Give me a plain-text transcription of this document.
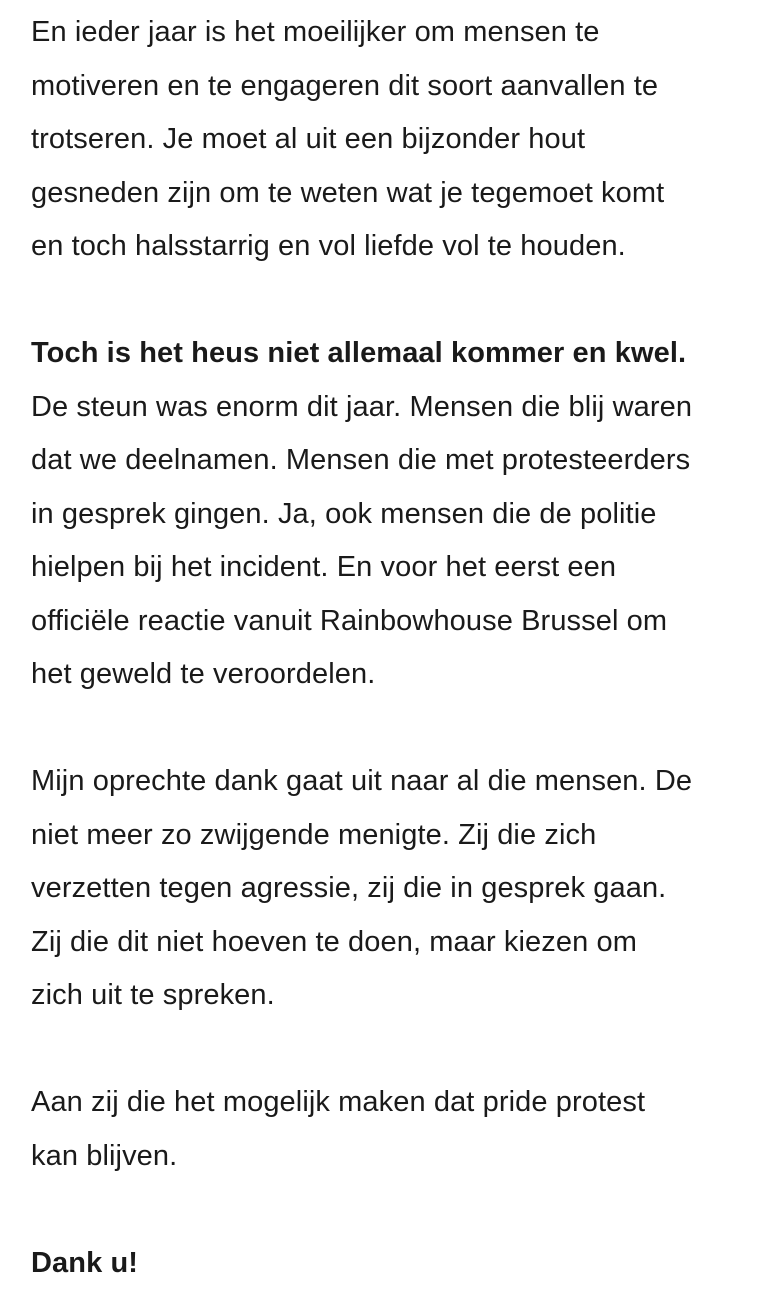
En ieder jaar is het moeilijker om mensen te
motiveren en te engageren dit soort aanvallen te
trotseren. Je moet al uit een bijzonder hout
gesneden zijn om te weten wat je tegemoet komt
en toch halsstarrig en vol liefde vol te houden.

Toch is het heus niet allemaal kommer en kwel.
De steun was enorm dit jaar. Mensen die blij waren
dat we deelnamen. Mensen die met protesteerders
in gesprek gingen. Ja, ook mensen die de politie
hielpen bij het incident. En voor het eerst een
officiële reactie vanuit Rainbowhouse Brussel om
het geweld te veroordelen.

Mijn oprechte dank gaat uit naar al die mensen. De
niet meer zo zwijgende menigte. Zij die zich
verzetten tegen agressie, zij die in gesprek gaan.
Zij die dit niet hoeven te doen, maar kiezen om
zich uit te spreken.

Aan zij die het mogelijk maken dat pride protest
kan blijven.

Dank u!
